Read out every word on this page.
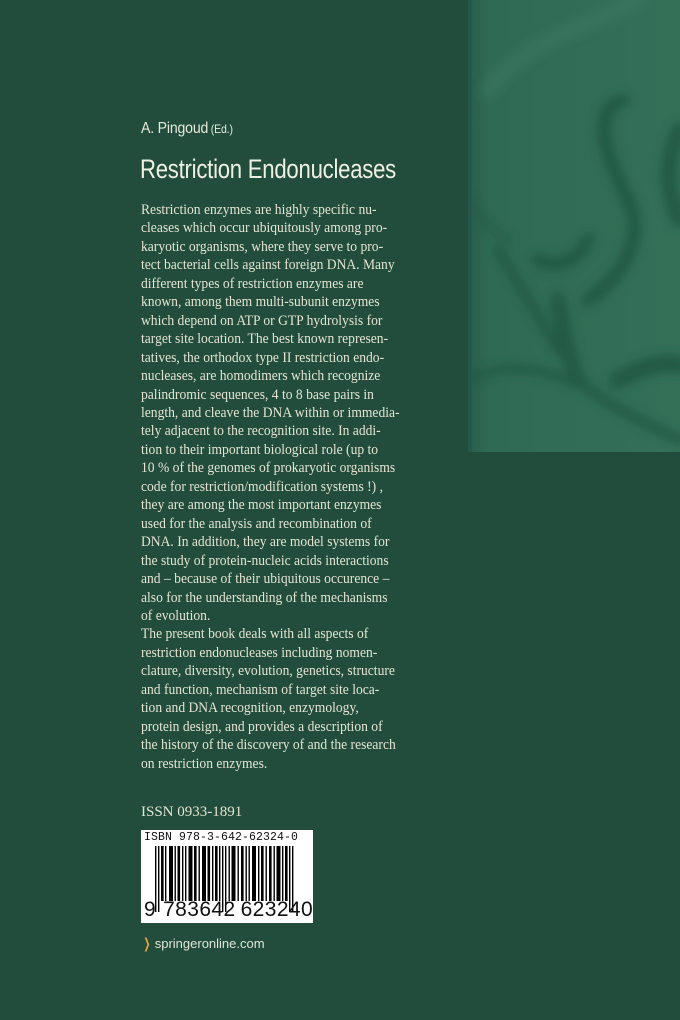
A. Pingoud (Ed.)
Restriction Endonucleases
Restriction enzymes are highly specific nu-
cleases which occur ubiquitously among pro-
karyotic organisms, where they serve to pro-
tect bacterial cells against foreign DNA. Many
different types of restriction enzymes are
known, among them multi-subunit enzymes
which depend on ATP or GTP hydrolysis for
target site location. The best known represen-
tatives, the orthodox type II restriction endo-
nucleases, are homodimers which recognize
palindromic sequences, 4 to 8 base pairs in
length, and cleave the DNA within or immedia-
tely adjacent to the recognition site. In addi-
tion to their important biological role (up to
10 % of the genomes of prokaryotic organisms
code for restriction/modification systems !) ,
they are among the most important enzymes
used for the analysis and recombination of
DNA. In addition, they are model systems for
the study of protein-nucleic acids interactions
and – because of their ubiquitous occurence –
also for the understanding of the mechanisms
of evolution.
The present book deals with all aspects of
restriction endonucleases including nomen-
clature, diversity, evolution, genetics, structure
and function, mechanism of target site loca-
tion and DNA recognition, enzymology,
protein design, and provides a description of
the history of the discovery of and the research
on restriction enzymes.
ISSN 0933-1891
ISBN 978-3-642-62324-0
9 783642 623240
❯ springeronline.com
